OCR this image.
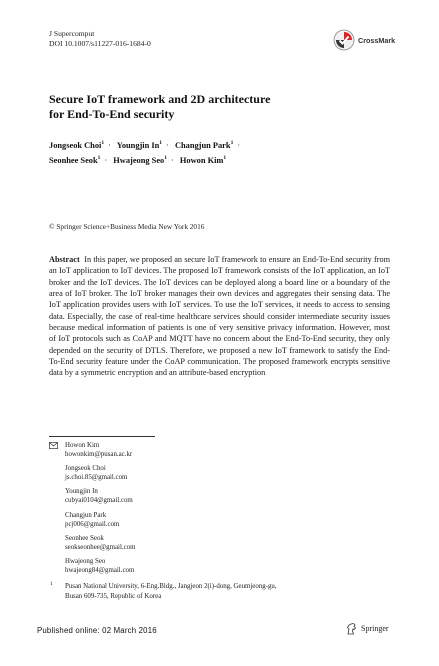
J Supercomput
DOI 10.1007/s11227-016-1684-0	CrossMark
Secure IoT framework and 2D architecture
for End-To-End security
Jongseok Choi$^1$ · Youngjin $In^1$ · Changjun Park$^1$ ·
Seonhee Seok$^1$ · Hwajeong Seo$^1$ · Howon Kim$^1$
© Springer Science+Business Media New York 2016
Abstract In this paper, we proposed an secure IoT framework to ensure an End-To-End security from an IoT application to IoT devices. The proposed IoT framework consists of the IoT application, an IoT broker and the IoT devices. The IoT devices can be deployed along a board line or a boundary of the area of IoT broker. The IoT broker manages their own devices and aggregates their sensing data. The IoT application provides users with IoT services. To use the IoT services, it needs to access to sensing data. Especially, the case of real-time healthcare services should consider intermediate security issues because medical information of patients is one of very sensitive privacy information. However, most of IoT protocols such as CoAP and MQTT have no concern about the End-To-End security, they only depended on the security of DTLS. Therefore, we proposed a new IoT framework to satisfy the End-To-End security feature under the CoAP communication. The proposed framework encrypts sensitive data by a symmetric encryption and an attribute-based encryption
Howon Kim
howonkim@pusan.ac.kr
Jongseok Choi
js.choi.85@gmail.com
Youngjin In
cubyai0104@gmail.com
Changjun Park
pcj006@gmail.com
Seonhee Seok
seokseonhee@gmail.com
Hwajeong Seo
hwajeong84@gmail.com
1 Pusan National University, 6-Eng.Bldg., Jangjeon 2(i)-dong, Geumjeong-gu,
Busan 609-735, Republic of Korea
Published online: 02 March 2016	Springer
